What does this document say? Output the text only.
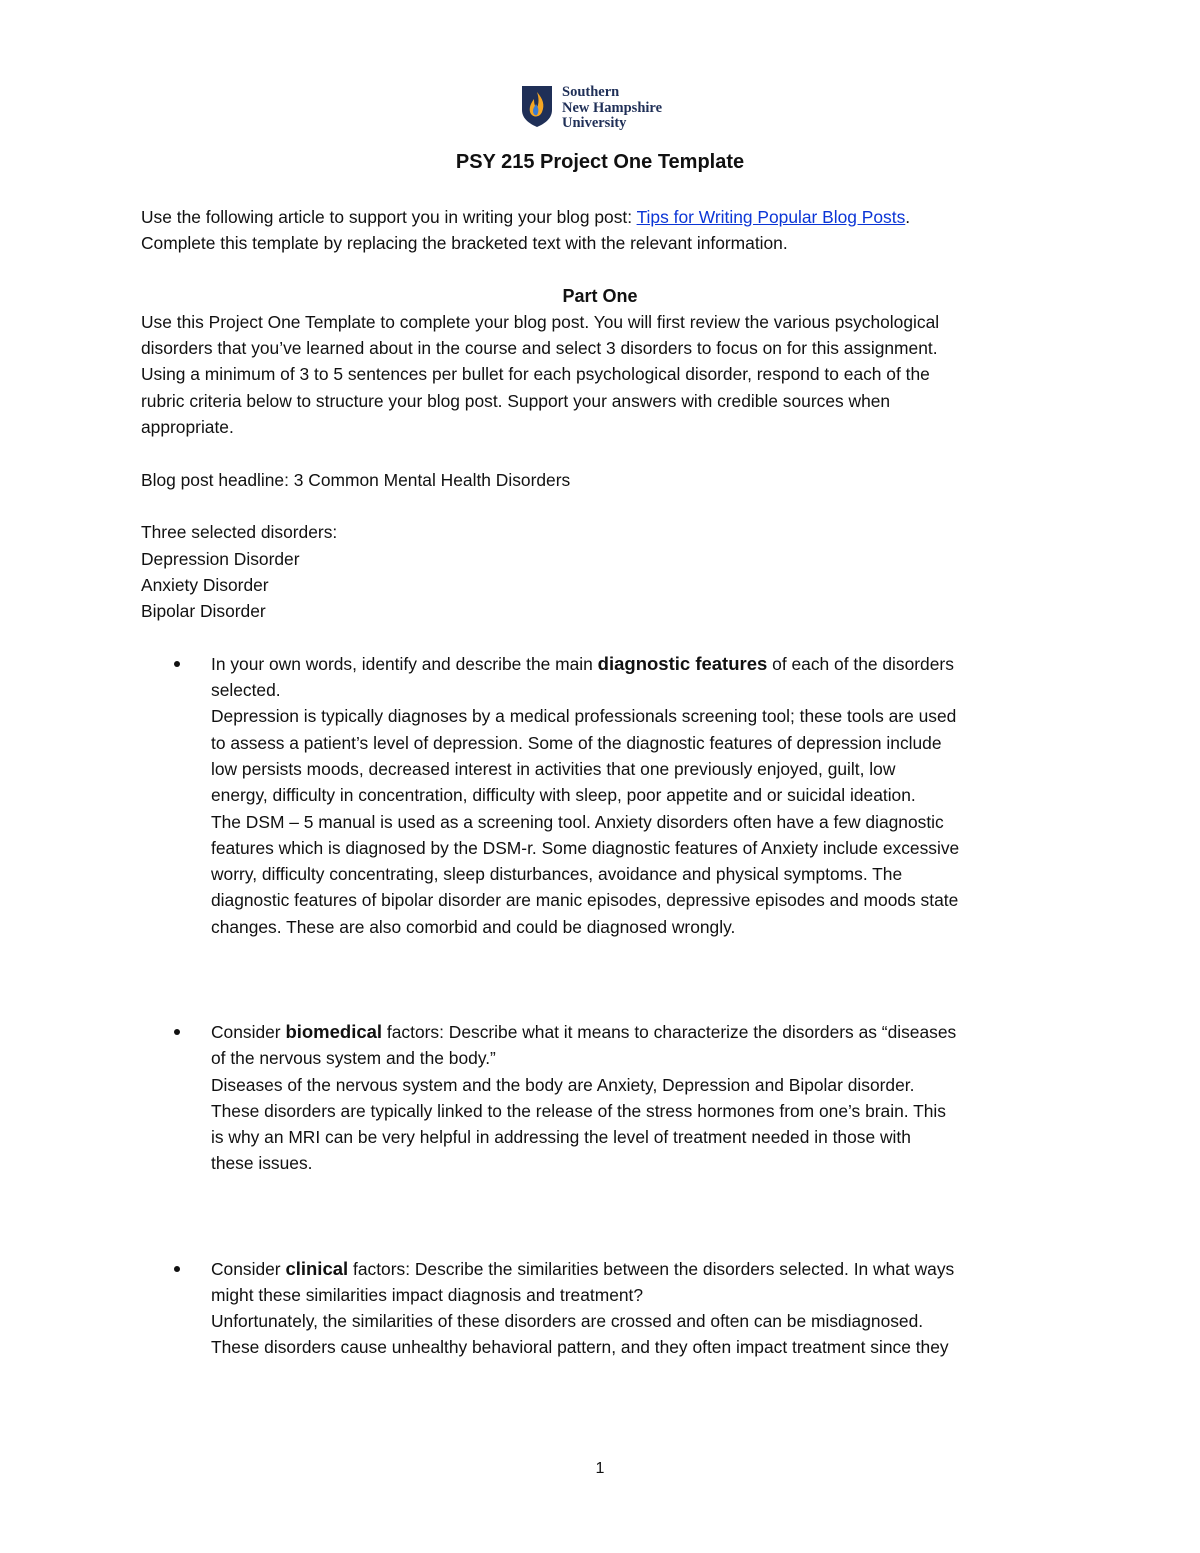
Southern
New Hampshire
University
PSY 215 Project One Template

Use the following article to support you in writing your blog post: Tips for Writing Popular Blog Posts.

Complete this template by replacing the bracketed text with the relevant information.

Part One

Use this Project One Template to complete your blog post. You will first review the various psychological

disorders that you’ve learned about in the course and select 3 disorders to focus on for this assignment.

Using a minimum of 3 to 5 sentences per bullet for each psychological disorder, respond to each of the

rubric criteria below to structure your blog post. Support your answers with credible sources when

appropriate.

Blog post headline: 3 Common Mental Health Disorders

Three selected disorders:

Depression Disorder

Anxiety Disorder

Bipolar Disorder

In your own words, identify and describe the main diagnostic features of each of the disorders

selected.

Depression is typically diagnoses by a medical professionals screening tool; these tools are used

to assess a patient’s level of depression. Some of the diagnostic features of depression include

low persists moods, decreased interest in activities that one previously enjoyed, guilt, low

energy, difficulty in concentration, difficulty with sleep, poor appetite and or suicidal ideation.

The DSM – 5 manual is used as a screening tool. Anxiety disorders often have a few diagnostic

features which is diagnosed by the DSM-r. Some diagnostic features of Anxiety include excessive

worry, difficulty concentrating, sleep disturbances, avoidance and physical symptoms. The

diagnostic features of bipolar disorder are manic episodes, depressive episodes and moods state

changes. These are also comorbid and could be diagnosed wrongly.

Consider biomedical factors: Describe what it means to characterize the disorders as “diseases

of the nervous system and the body.”

Diseases of the nervous system and the body are Anxiety, Depression and Bipolar disorder.

These disorders are typically linked to the release of the stress hormones from one’s brain. This

is why an MRI can be very helpful in addressing the level of treatment needed in those with

these issues.

Consider clinical factors: Describe the similarities between the disorders selected. In what ways

might these similarities impact diagnosis and treatment?

Unfortunately, the similarities of these disorders are crossed and often can be misdiagnosed.

These disorders cause unhealthy behavioral pattern, and they often impact treatment since they

1
